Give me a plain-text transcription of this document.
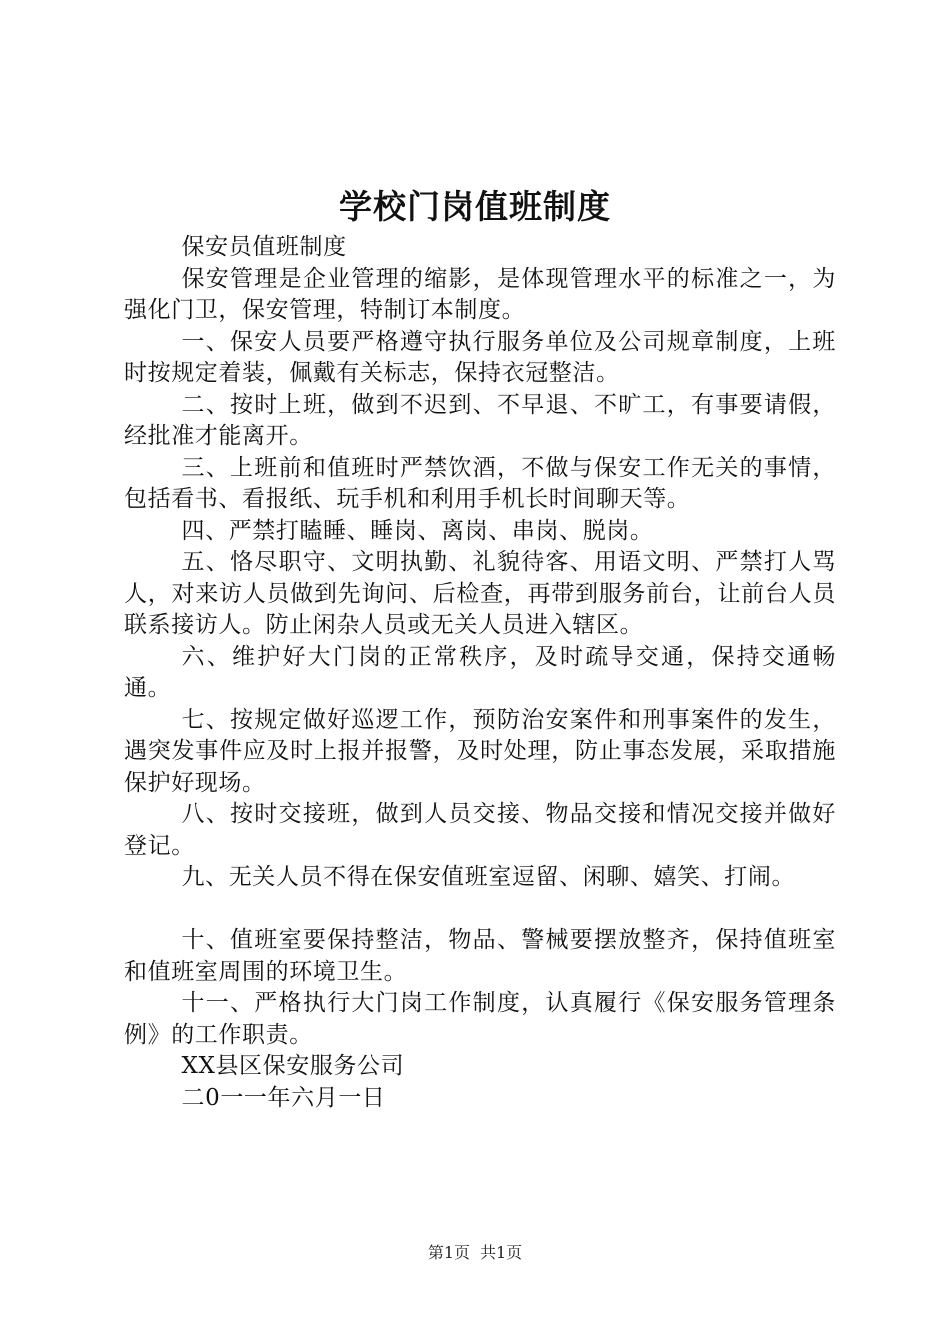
学校门岗值班制度

保安员值班制度

保安管理是企业管理的缩影，是体现管理水平的标准之一，为强化门卫，保安管理，特制订本制度。

一、保安人员要严格遵守执行服务单位及公司规章制度，上班时按规定着装，佩戴有关标志，保持衣冠整洁。

二、按时上班，做到不迟到、不早退、不旷工，有事要请假，经批准才能离开。

三、上班前和值班时严禁饮酒，不做与保安工作无关的事情，包括看书、看报纸、玩手机和利用手机长时间聊天等。

四、严禁打瞌睡、睡岗、离岗、串岗、脱岗。

五、恪尽职守、文明执勤、礼貌待客、用语文明、严禁打人骂人，对来访人员做到先询问、后检查，再带到服务前台，让前台人员联系接访人。防止闲杂人员或无关人员进入辖区。

六、维护好大门岗的正常秩序，及时疏导交通，保持交通畅通。

七、按规定做好巡逻工作，预防治安案件和刑事案件的发生，遇突发事件应及时上报并报警，及时处理，防止事态发展，采取措施保护好现场。

八、按时交接班，做到人员交接、物品交接和情况交接并做好登记。

九、无关人员不得在保安值班室逗留、闲聊、嬉笑、打闹。

十、值班室要保持整洁，物品、警械要摆放整齐，保持值班室和值班室周围的环境卫生。

十一、严格执行大门岗工作制度，认真履行《保安服务管理条例》的工作职责。

XX县区保安服务公司

二0一一年六月一日

第1页 共1页
